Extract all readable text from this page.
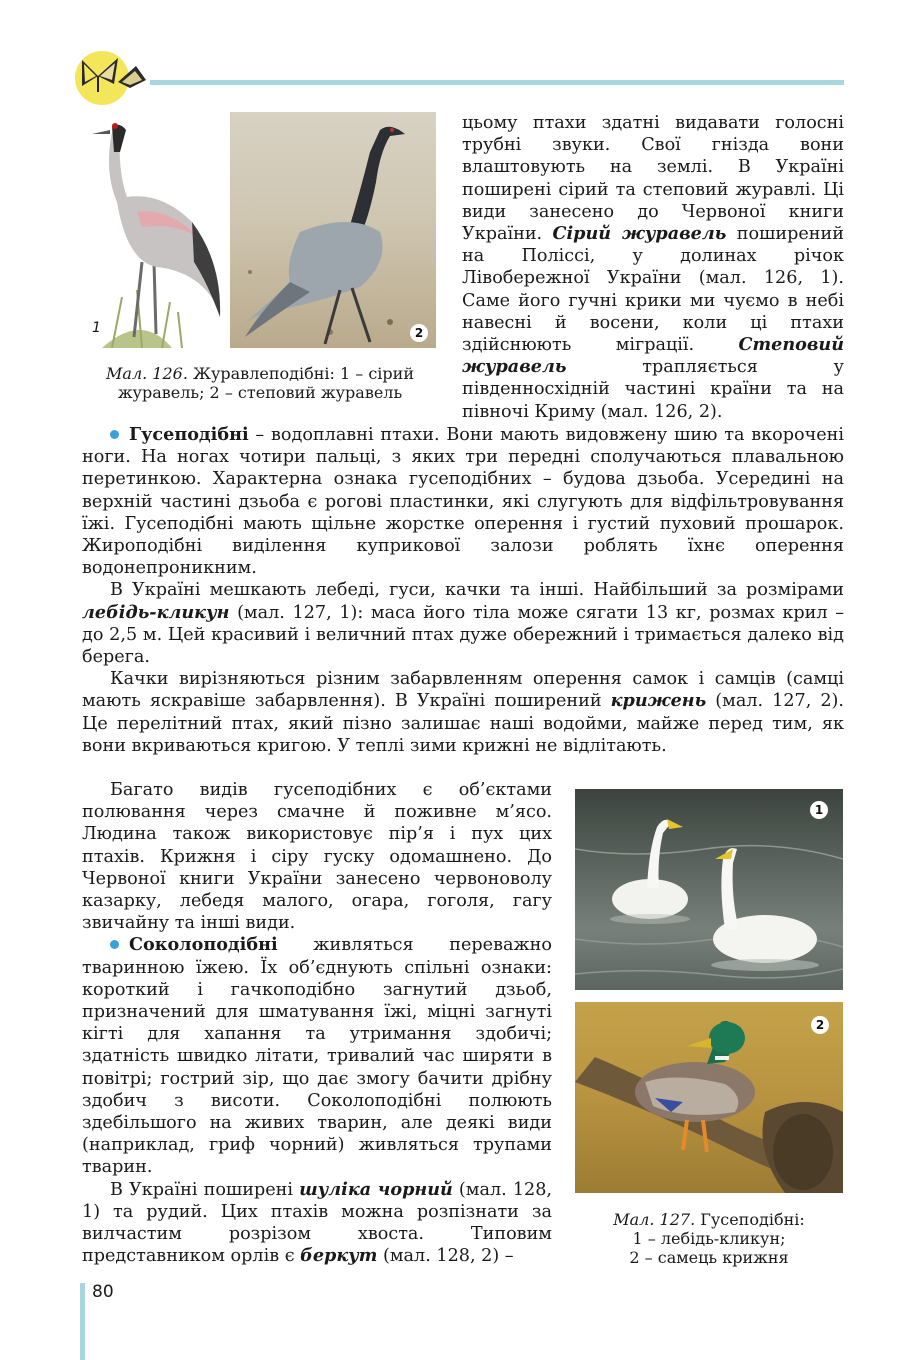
1	2
Мал. 126. Журавлеподібні: 1 – сірий журавель; 2 – степовий журавель

цьому птахи здатні видавати голосні трубні звуки. Свої гнізда вони влаштовують на землі. В Україні поширені сірий та степовий журавлі. Ці види занесено до Червоної книги України. Сірий журавель поширений на Поліссі, у долинах річок Лівобережної України (мал. 126, 1). Саме його гучні крики ми чуємо в небі навесні й восени, коли ці птахи здійснюють міграції. Степовий журавель трапляється у південносхідній частині країни та на півночі Криму (мал. 126, 2).

Гусеподібні – водоплавні птахи. Вони мають видовжену шию та вкорочені ноги. На ногах чотири пальці, з яких три передні сполучаються плавальною перетинкою. Характерна ознака гусеподібних – будова дзьоба. Усередині на верхній частині дзьоба є рогові пластинки, які слугують для відфільтровування їжі. Гусеподібні мають щільне жорстке оперення і густий пуховий прошарок. Жироподібні виділення куприкової залози роблять їхнє оперення водонепроникним.

В Україні мешкають лебеді, гуси, качки та інші. Найбільший за розмірами лебідь-кликун (мал. 127, 1): маса його тіла може сягати 13 кг, розмах крил – до 2,5 м. Цей красивий і величний птах дуже обережний і тримається далеко від берега.

Качки вирізняються різним забарвленням оперення самок і самців (самці мають яскравіше забарвлення). В Україні поширений крижень (мал. 127, 2). Це перелітний птах, який пізно залишає наші водойми, майже перед тим, як вони вкриваються кригою. У теплі зими крижні не відлітають.

Багато видів гусеподібних є об’єктами полювання через смачне й поживне м’ясо. Людина також використовує пір’я і пух цих птахів. Крижня і сіру гуску одомашнено. До Червоної книги України занесено червоноволу казарку, лебедя малого, огара, гоголя, гагу звичайну та інші види.

Соколоподібні живляться переважно тваринною їжею. Їх об’єднують спільні ознаки: короткий і гачкоподібно загнутий дзьоб, призначений для шматування їжі, міцні загнуті кігті для хапання та утримання здобичі; здатність швидко літати, тривалий час ширяти в повітрі; гострий зір, що дає змогу бачити дрібну здобич з висоти. Соколоподібні полюють здебільшого на живих тварин, але деякі види (наприклад, гриф чорний) живляться трупами тварин.

В Україні поширені шуліка чорний (мал. 128, 1) та рудий. Цих птахів можна розпізнати за вилчастим розрізом хвоста. Типовим представником орлів є беркут (мал. 128, 2) –

1
2
Мал. 127. Гусеподібні:
1 – лебідь-кликун;
2 – самець крижня
80
